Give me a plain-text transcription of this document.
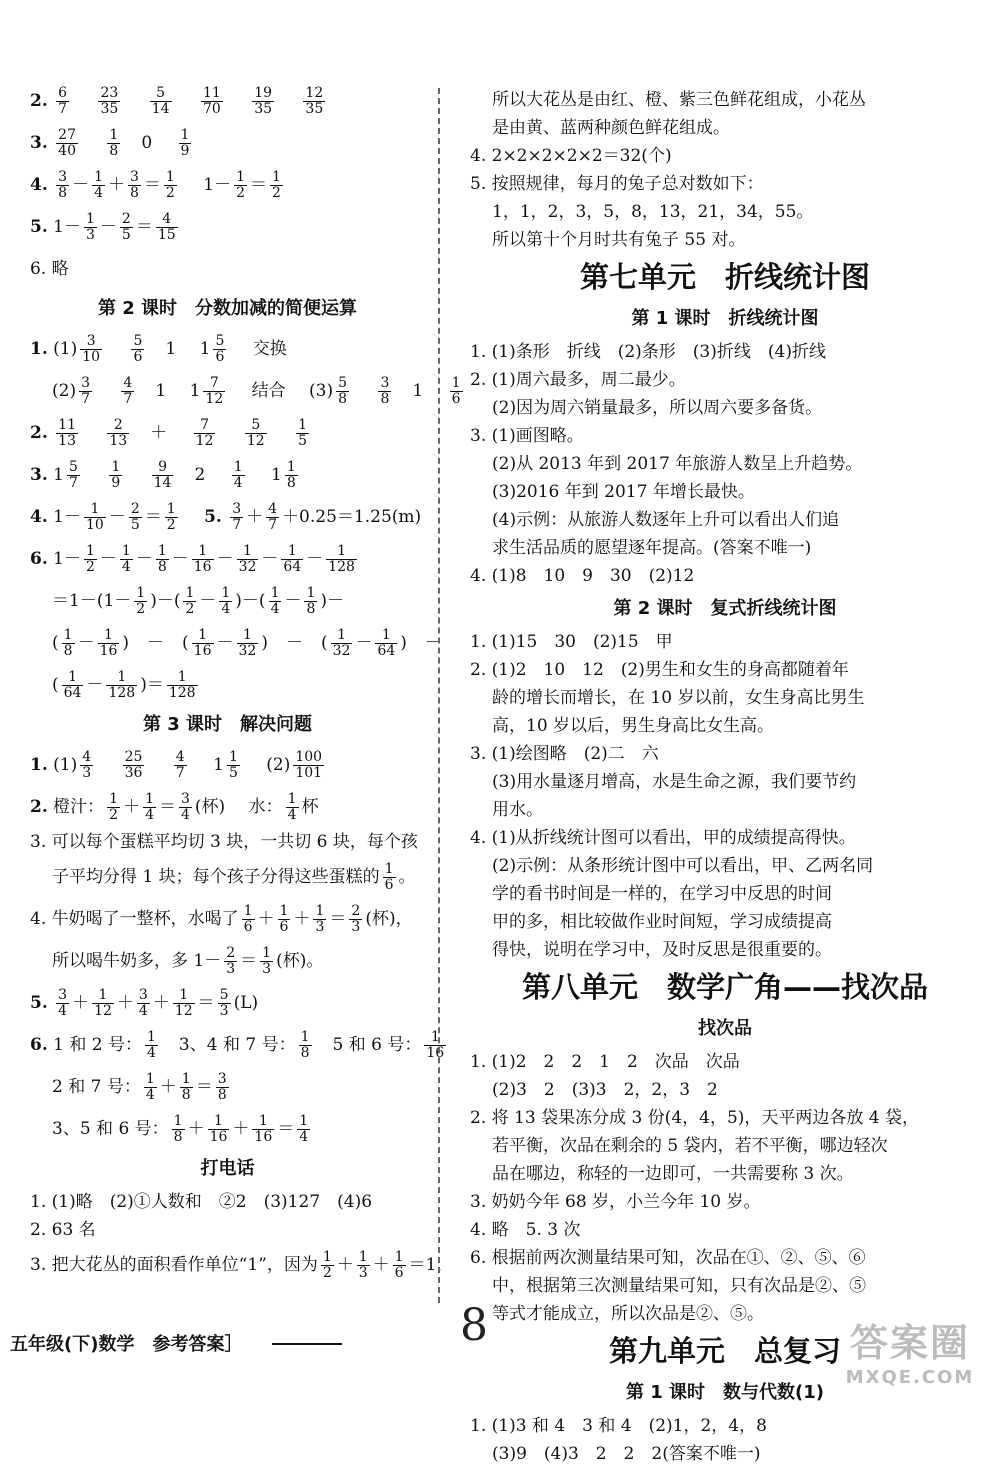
2. $\frac{6}{7}$
$\frac{23}{35}$
$\frac{5}{14}$
$\frac{11}{70}$
$\frac{19}{35}$
$\frac{12}{35}$
3. $\frac{27}{40}$
$\frac{1}{8} 0 \frac{1}{9}$
4. $\frac{3}{8} - \frac{1}{4} + \frac{3}{8} = \frac{1}{2} 1- \frac{1}{2} = \frac{1}{2}$
5. $1- \frac{1}{3} - \frac{2}{5} = \frac{4}{15}$
6. 略
第 2 课时　分数加减的简便运算
1. $(1) \frac{3}{10}$
$\frac{5}{6} 1$ $1 \frac{5}{6}$ 交换
$(2) \frac{3}{7}$
$\frac{4}{7} 1$ $1 \frac{7}{12}$ 结合 $(3) \frac{5}{8}$
$\frac{3}{8} 1 \frac{1}{6}$
2. $\frac{11}{13}$
$\frac{2}{13} + \frac{7}{12}$
$\frac{5}{12}$
$\frac{1}{5}$
3. $1 \frac{5}{7}$
$\frac{1}{9}$
$\frac{9}{14} 2 \frac{1}{4} 1 \frac{1}{8}$
4. $1- \frac{1}{10} - \frac{2}{5} = \frac{1}{2} 5$. $\frac{3}{7} + \frac{4}{7} +0.25=1.25(m)$
6. $1- \frac{1}{2} - \frac{1}{4} - \frac{1}{8} - \frac{1}{16} - \frac{1}{32} - \frac{1}{64} - \frac{1}{128}$
$=1-(1- \frac{1}{2}$ )－( $\frac{1}{2} - \frac{1}{4}$ )－( $\frac{1}{4} - \frac{1}{8}$ )－
( $\frac{1}{8} - \frac{1}{16}$ ) － ( $\frac{1}{16} - \frac{1}{32}$ ) － ( $\frac{1}{32} - \frac{1}{64}$ ) －
( $\frac{1}{64} - \frac{1}{128}$ )＝ $\frac{1}{128}$
第 3 课时　解决问题
1. $(1) \frac{4}{3}$
$\frac{25}{36}$
$\frac{4}{7} 1 \frac{1}{5} (2) \frac{100}{101}$
2. 橙汁： $\frac{1}{2} + \frac{1}{4} = \frac{3}{4}$ (杯) 水： $\frac{1}{4}$ 杯
3. 可以每个蛋糕平均切 3 块，一共切 6 块，每个孩
子平均分得 1 块；每个孩子分得这些蛋糕的 $\frac{1}{6}$ 。
4. 牛奶喝了一整杯，水喝了 $\frac{1}{6} + \frac{1}{6} + \frac{1}{3} = \frac{2}{3}$ (杯)，
所以喝牛奶多，多 $1- \frac{2}{3} = \frac{1}{3}$ (杯)。
5. $\frac{3}{4} + \frac{1}{12} + \frac{3}{4} + \frac{1}{12} = \frac{5}{3} (L)$
6. 1 和 2 号： $\frac{1}{4} 3$、4 和 7 号： $\frac{1}{8} 5$ 和 6 号： $\frac{1}{16}$
2 和 7 号： $\frac{1}{4} + \frac{1}{8} = \frac{3}{8}$
3、5 和 6 号： $\frac{1}{8} + \frac{1}{16} + \frac{1}{16} = \frac{1}{4}$
打电话
1. (1)略　(2)①人数和　②2　(3)127　(4)6
2. 63 名
3. 把大花丛的面积看作单位“1”，因为 $\frac{1}{2} + \frac{1}{3} + \frac{1}{6} =1$，
所以大花丛是由红、橙、紫三色鲜花组成，小花丛
是由黄、蓝两种颜色鲜花组成。
4. 2×2×2×2×2＝32(个)
5. 按照规律，每月的兔子总对数如下：
1，1，2，3，5，8，13，21，34，55。
所以第十个月时共有兔子 55 对。
第七单元　折线统计图
第 1 课时　折线统计图
1. (1)条形　折线　(2)条形　(3)折线　(4)折线
2. (1)周六最多，周二最少。
(2)因为周六销量最多，所以周六要多备货。
3. (1)画图略。
(2)从 2013 年到 2017 年旅游人数呈上升趋势。
(3)2016 年到 2017 年增长最快。
(4)示例：从旅游人数逐年上升可以看出人们追
求生活品质的愿望逐年提高。(答案不唯一)
4. (1)8　10　9　30　(2)12
第 2 课时　复式折线统计图
1. (1)15　30　(2)15　甲
2. (1)2　10　12　(2)男生和女生的身高都随着年
龄的增长而增长，在 10 岁以前，女生身高比男生
高，10 岁以后，男生身高比女生高。
3. (1)绘图略　(2)二　六
(3)用水量逐月增高，水是生命之源，我们要节约
用水。
4. (1)从折线统计图可以看出，甲的成绩提高得快。
(2)示例：从条形统计图中可以看出，甲、乙两名同
学的看书时间是一样的，在学习中反思的时间
甲的多，相比较做作业时间短，学习成绩提高
得快，说明在学习中，及时反思是很重要的。
第八单元　数学广角——找次品
找次品
1. (1)2　2　2　1　2　次品　次品
(2)3　2　(3)3　2，2，3　2
2. 将 13 袋果冻分成 3 份(4，4，5)，天平两边各放 4 袋，
若平衡，次品在剩余的 5 袋内，若不平衡，哪边轻次
品在哪边，称轻的一边即可，一共需要称 3 次。
3. 奶奶今年 68 岁，小兰今年 10 岁。
4. 略　5. 3 次
6. 根据前两次测量结果可知，次品在①、②、⑤、⑥
中，根据第三次测量结果可知，只有次品是②、⑤
等式才能成立，所以次品是②、⑤。
第九单元　总复习
第 1 课时　数与代数(1)
1. (1)3 和 4　3 和 4　(2)1，2，4，8
(3)9　(4)3　2　2　2(答案不唯一)
五年级(下)数学　参考答案］	8	答案圈
MXQE.COM
